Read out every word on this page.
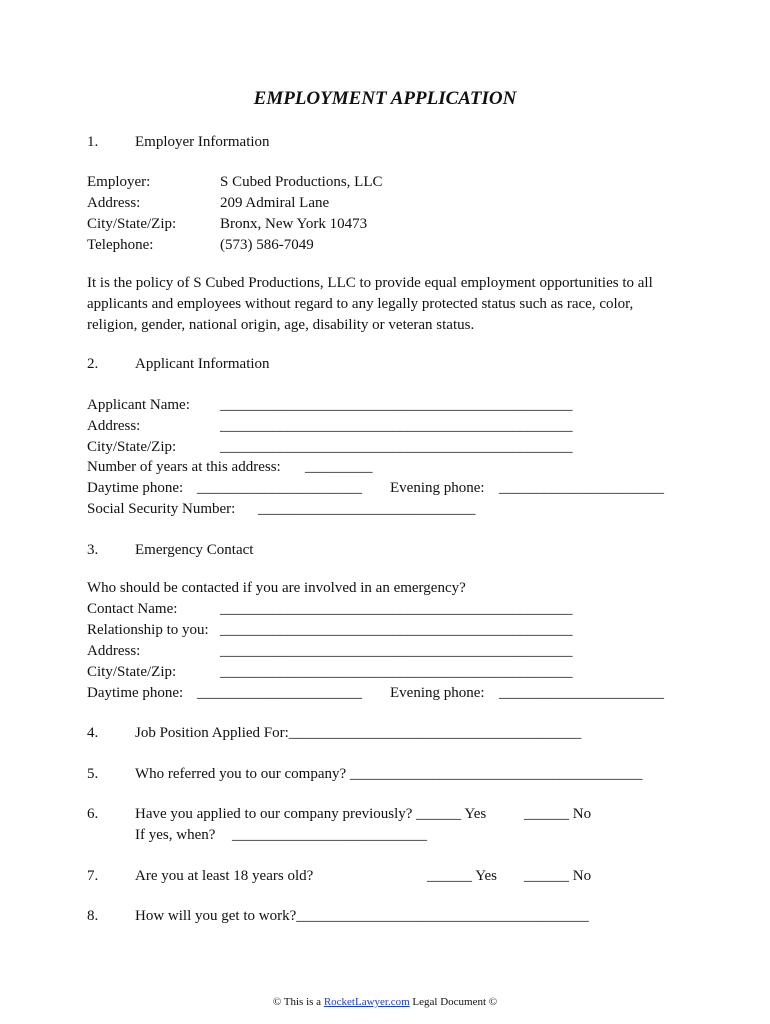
EMPLOYMENT APPLICATION
1. Employer Information
Employer:	S Cubed Productions, LLC
Address:	209 Admiral Lane
City/State/Zip:	Bronx, New York 10473
Telephone:	(573) 586-7049
It is the policy of S Cubed Productions, LLC to provide equal employment opportunities to all applicants and employees without regard to any legally protected status such as race, color, religion, gender, national origin, age, disability or veteran status.
2. Applicant Information
Applicant Name: _______________________________________________
Address:	_______________________________________________
City/State/Zip:	_______________________________________________
Number of years at this address: _________
Daytime phone: ______________________ Evening phone: ______________________
Social Security Number: _____________________________
3. Emergency Contact
Who should be contacted if you are involved in an emergency?
Contact Name:	_______________________________________________
Relationship to you: _______________________________________________
Address:	_______________________________________________
City/State/Zip:	_______________________________________________
Daytime phone: ______________________ Evening phone: ______________________
4. Job Position Applied For:_______________________________________
5. Who referred you to our company? _______________________________________
6. Have you applied to our company previously? ______ Yes	______ No
If yes, when? __________________________
7. Are you at least 18 years old?	______ Yes ______ No
8. How will you get to work?_______________________________________
© This is a RocketLawyer.com Legal Document ©
